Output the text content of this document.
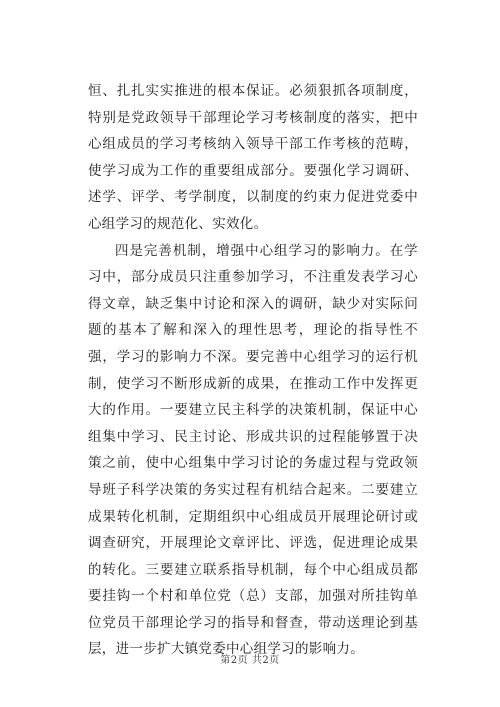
恒、扎扎实实推进的根本保证。必须狠抓各项制度，特别是党政领导干部理论学习考核制度的落实，把中心组成员的学习考核纳入领导干部工作考核的范畴，使学习成为工作的重要组成部分。要强化学习调研、述学、评学、考学制度，以制度的约束力促进党委中心组学习的规范化、实效化。

四是完善机制，增强中心组学习的影响力。在学习中，部分成员只注重参加学习，不注重发表学习心得文章，缺乏集中讨论和深入的调研，缺少对实际问题的基本了解和深入的理性思考，理论的指导性不强，学习的影响力不深。要完善中心组学习的运行机制，使学习不断形成新的成果，在推动工作中发挥更大的作用。一要建立民主科学的决策机制，保证中心组集中学习、民主讨论、形成共识的过程能够置于决策之前，使中心组集中学习讨论的务虚过程与党政领导班子科学决策的务实过程有机结合起来。二要建立成果转化机制，定期组织中心组成员开展理论研讨或调查研究，开展理论文章评比、评选，促进理论成果的转化。三要建立联系指导机制，每个中心组成员都要挂钩一个村和单位党（总）支部，加强对所挂钩单位党员干部理论学习的指导和督查，带动送理论到基层，进一步扩大镇党委中心组学习的影响力。

第2页 共2页
